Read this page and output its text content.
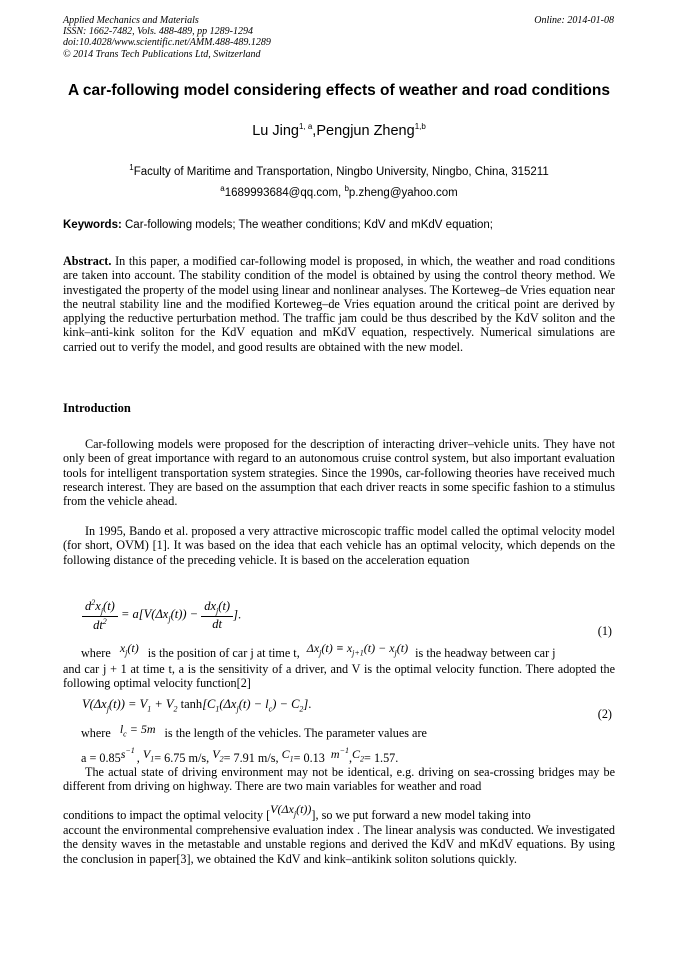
Applied Mechanics and Materials
ISSN: 1662-7482, Vols. 488-489, pp 1289-1294
doi:10.4028/www.scientific.net/AMM.488-489.1289
© 2014 Trans Tech Publications Ltd, Switzerland
Online: 2014-01-08
A car-following model considering effects of weather and road conditions
Lu Jing$^{1, a}$,Pengjun Zheng$^{1,b}$
$^1$Faculty of Maritime and Transportation, Ningbo University, Ningbo, China, 315211
$^a$1689993684@qq.com, $^b$p.zheng@yahoo.com
Keywords: Car-following models; The weather conditions; KdV and mKdV equation;
Abstract. In this paper, a modified car-following model is proposed, in which, the weather and road conditions are taken into account. The stability condition of the model is obtained by using the control theory method. We investigated the property of the model using linear and nonlinear analyses. The Korteweg–de Vries equation near the neutral stability line and the modified Korteweg–de Vries equation around the critical point are derived by applying the reductive perturbation method. The traffic jam could be thus described by the KdV soliton and the kink–anti-kink soliton for the KdV equation and mKdV equation, respectively. Numerical simulations are carried out to verify the model, and good results are obtained with the new model.
Introduction
Car-following models were proposed for the description of interacting driver–vehicle units. They have not only been of great importance with regard to an autonomous cruise control system, but also important evaluation tools for intelligent transportation system strategies. Since the 1990s, car-following theories have received much research interest. They are based on the assumption that each driver reacts in some specific fashion to a stimulus from the vehicle ahead.
In 1995, Bando et al. proposed a very attractive microscopic traffic model called the optimal velocity model (for short, OVM) [1]. It was based on the idea that each vehicle has an optimal velocity, which depends on the following distance of the preceding vehicle. It is based on the acceleration equation
$\frac{d^2x_j(t)}{dt^2} = a[V(\Delta x_j(t)) - \frac{dx_j(t)}{dt}$ ].
(1)
where $x_j(t)$ is the position of car j at time t, $\Delta x_j(t) \equiv x_{j+1}(t) - x_j(t)$ is the headway between car j
and car j + 1 at time t, a is the sensitivity of a driver, and V is the optimal velocity function. There adopted the following optimal velocity function[2]
$V(\Delta x_j(t)) = V_1 + V_2$ $\tanh[C_1(\Delta x_j(t) - l_c) - C_2]$.
(2)
where $l_c = 5m$ is the length of the vehicles. The parameter values are
$a = 0.85s^{-1}$, $V_1= 6.75$ m/s, $V_2= 7.91$ m/s, $C_1= 0.13$ $m^{-1},C_2= 1.57$.
The actual state of driving environment may not be identical, e.g. driving on sea-crossing bridges may be different from driving on highway. There are two main variables for weather and road
conditions to impact the optimal velocity $[V(\Delta x_j(t))]$, so we put forward a new model taking into
account the environmental comprehensive evaluation index . The linear analysis was conducted. We investigated the density waves in the metastable and unstable regions and derived the KdV and mKdV equations. By using the conclusion in paper[3], we obtained the KdV and kink–antikink soliton solutions quickly.
